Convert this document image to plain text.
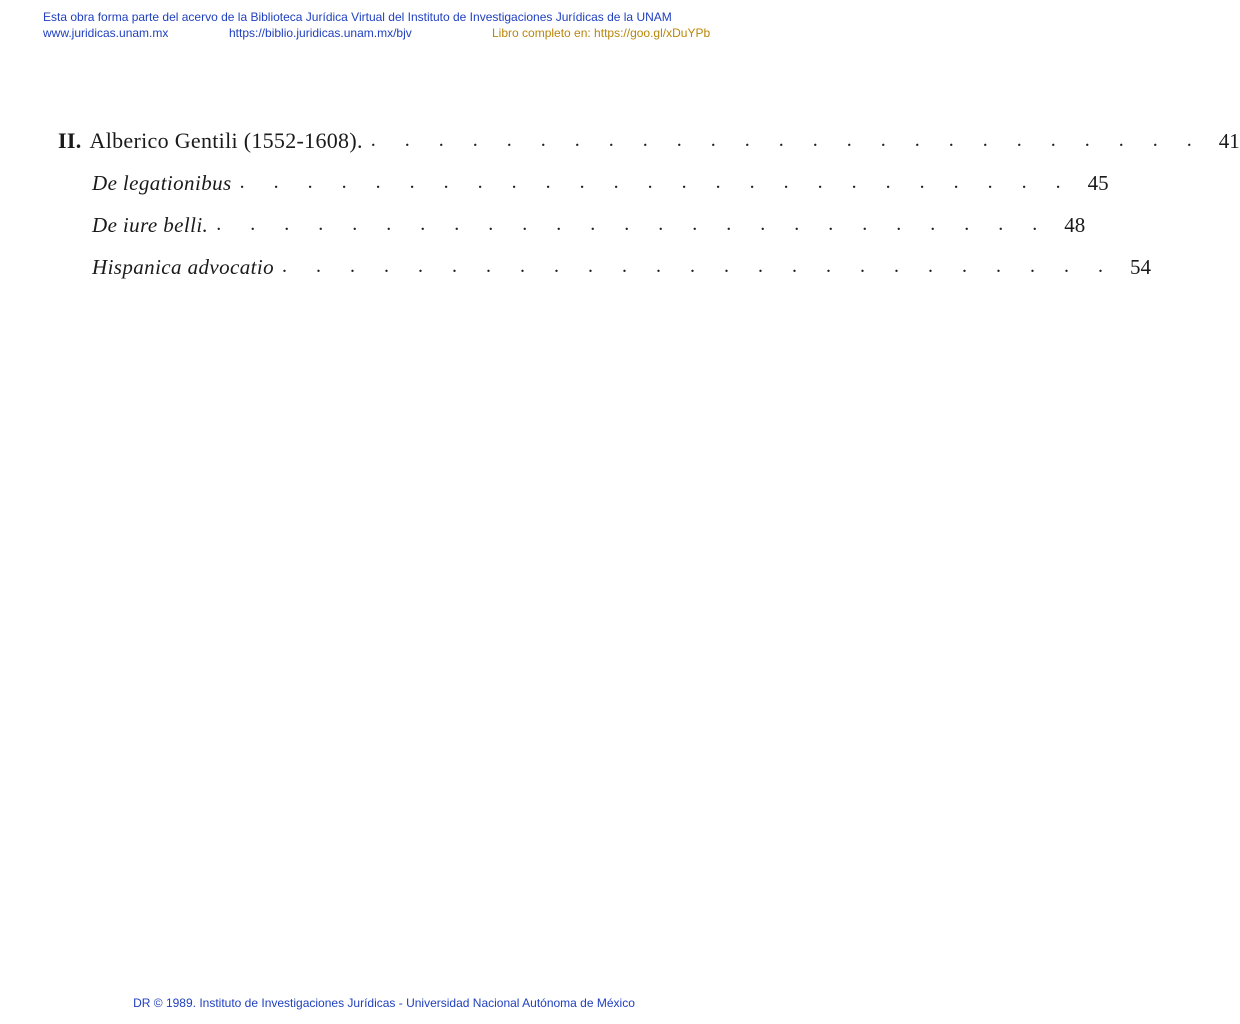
Esta obra forma parte del acervo de la Biblioteca Jurídica Virtual del Instituto de Investigaciones Jurídicas de la UNAM
www.juridicas.unam.mx	https://biblio.juridicas.unam.mx/bjv	Libro completo en: https://goo.gl/xDuYPb
II. Alberico Gentili (1552-1608). . . . . . . . . . . . . . . . . . . . . . . . . . 41
De legationibus . . . . . . . . . . . . . . . . . . . . . . . . . 45
De iure belli. . . . . . . . . . . . . . . . . . . . . . . . . . 48
Hispanica advocatio . . . . . . . . . . . . . . . . . . . . . . . . . 54
DR © 1989. Instituto de Investigaciones Jurídicas - Universidad Nacional Autónoma de México
